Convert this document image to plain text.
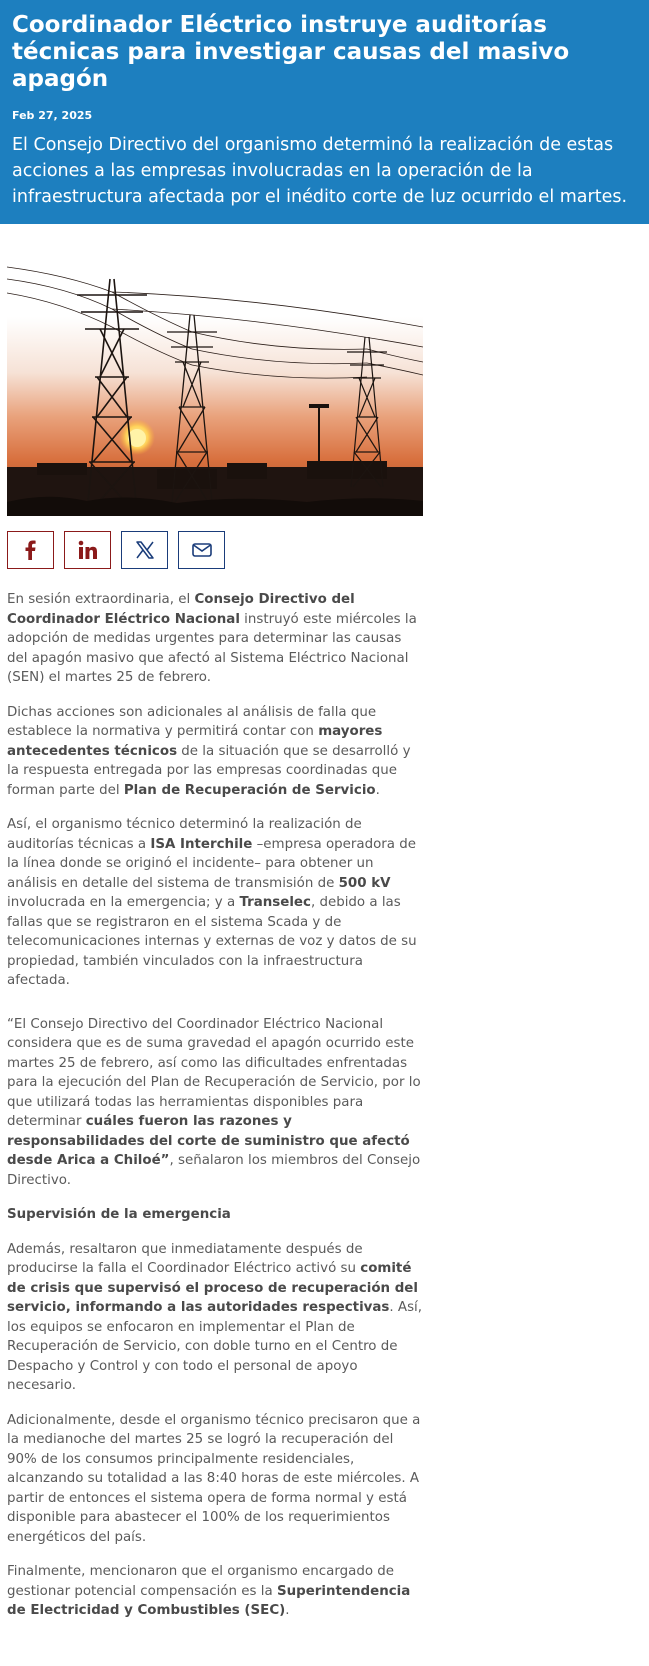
Coordinador Eléctrico instruye auditorías técnicas para investigar causas del masivo apagón
Feb 27, 2025

El Consejo Directivo del organismo determinó la realización de estas acciones a las empresas involucradas en la operación de la infraestructura afectada por el inédito corte de luz ocurrido el martes.

En sesión extraordinaria, el Consejo Directivo del Coordinador Eléctrico Nacional instruyó este miércoles la adopción de medidas urgentes para determinar las causas del apagón masivo que afectó al Sistema Eléctrico Nacional (SEN) el martes 25 de febrero.

Dichas acciones son adicionales al análisis de falla que establece la normativa y permitirá contar con mayores antecedentes técnicos de la situación que se desarrolló y la respuesta entregada por las empresas coordinadas que forman parte del Plan de Recuperación de Servicio.

Así, el organismo técnico determinó la realización de auditorías técnicas a ISA Interchile –empresa operadora de la línea donde se originó el incidente– para obtener un análisis en detalle del sistema de transmisión de 500 kV involucrada en la emergencia; y a Transelec, debido a las fallas que se registraron en el sistema Scada y de telecomunicaciones internas y externas de voz y datos de su propiedad, también vinculados con la infraestructura afectada.

“El Consejo Directivo del Coordinador Eléctrico Nacional considera que es de suma gravedad el apagón ocurrido este martes 25 de febrero, así como las dificultades enfrentadas para la ejecución del Plan de Recuperación de Servicio, por lo que utilizará todas las herramientas disponibles para determinar cuáles fueron las razones y responsabilidades del corte de suministro que afectó desde Arica a Chiloé”, señalaron los miembros del Consejo Directivo.

Supervisión de la emergencia

Además, resaltaron que inmediatamente después de producirse la falla el Coordinador Eléctrico activó su comité de crisis que supervisó el proceso de recuperación del servicio, informando a las autoridades respectivas. Así, los equipos se enfocaron en implementar el Plan de Recuperación de Servicio, con doble turno en el Centro de Despacho y Control y con todo el personal de apoyo necesario.

Adicionalmente, desde el organismo técnico precisaron que a la medianoche del martes 25 se logró la recuperación del 90% de los consumos principalmente residenciales, alcanzando su totalidad a las 8:40 horas de este miércoles. A partir de entonces el sistema opera de forma normal y está disponible para abastecer el 100% de los requerimientos energéticos del país.

Finalmente, mencionaron que el organismo encargado de gestionar potencial compensación es la Superintendencia de Electricidad y Combustibles (SEC).
